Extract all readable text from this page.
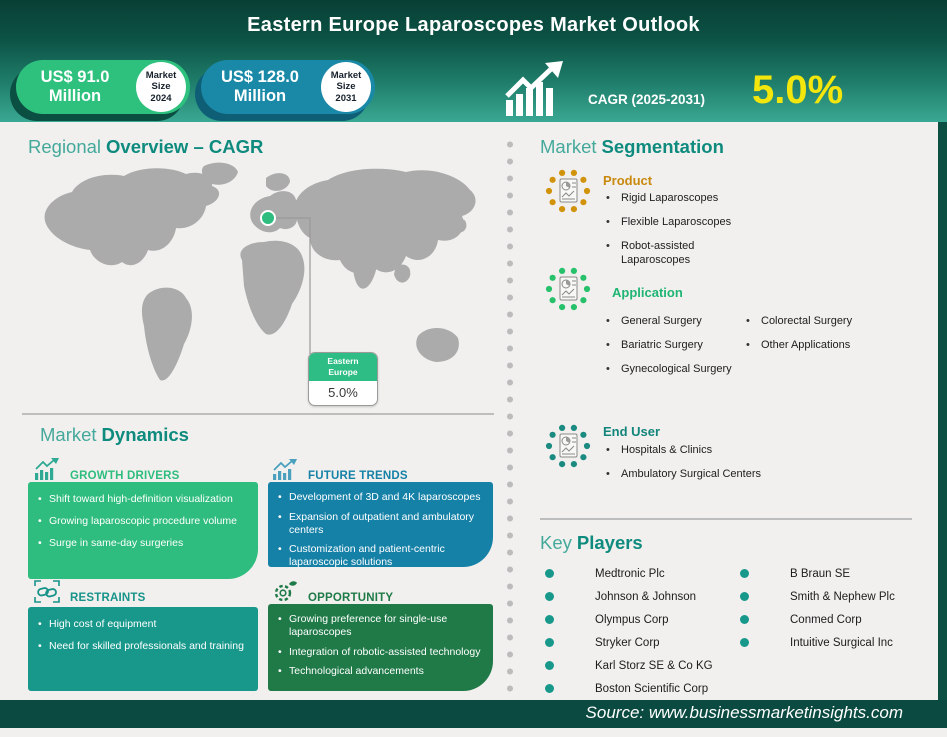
Eastern Europe Laparoscopes Market Outlook
US$ 91.0
Million
Market
Size
2024
US$ 128.0
Million
Market
Size
2031	CAGR (2025-2031) 5.0%
Regional Overview – CAGR
Eastern
Europe
5.0%
Market Dynamics
GROWTH DRIVERS
• Shift toward high-definition visualization
• Growing laparoscopic procedure volume
• Surge in same-day surgeries
FUTURE TRENDS
• Development of 3D and 4K laparoscopes
• Expansion of outpatient and ambulatory centers
• Customization and patient-centric laparoscopic solutions
RESTRAINTS
• High cost of equipment
• Need for skilled professionals and training
OPPORTUNITY
• Growing preference for single-use laparoscopes
• Integration of robotic-assisted technology
• Technological advancements
Market Segmentation
Product
• Rigid Laparoscopes
• Flexible Laparoscopes
• Robot-assisted Laparoscopes
Application
• General Surgery
• Bariatric Surgery
• Gynecological Surgery
• Colorectal Surgery
• Other Applications
End User
• Hospitals & Clinics
• Ambulatory Surgical Centers
Key Players
Medtronic Plc
Johnson & Johnson
Olympus Corp
Stryker Corp
Karl Storz SE & Co KG
Boston Scientific Corp
B Braun SE
Smith & Nephew Plc
Conmed Corp
Intuitive Surgical Inc
Source: www.businessmarketinsights.com
